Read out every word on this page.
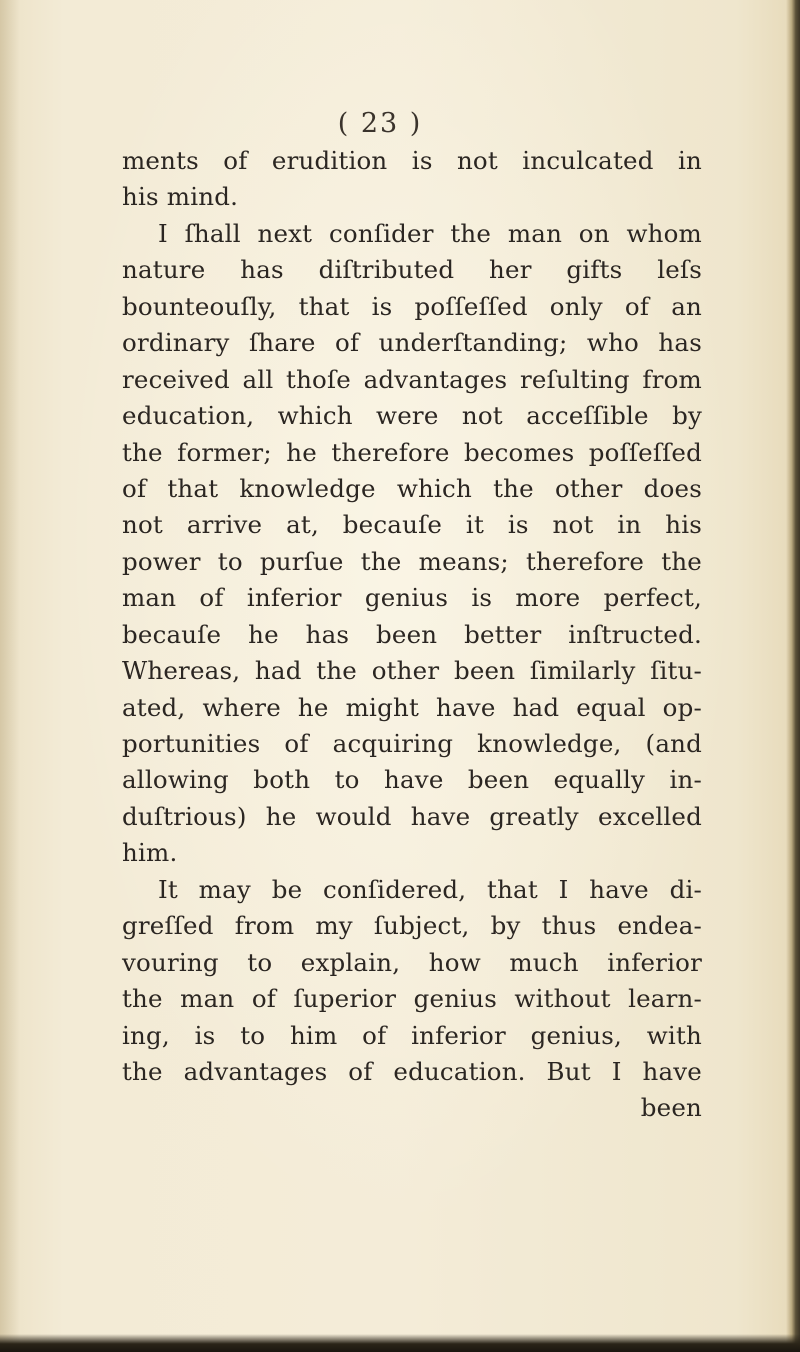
( 23 )
ments of erudition is not inculcated in
his mind.
I ſhall next conſider the man on whom
nature has diſtributed her gifts leſs
bounteouſly, that is poſſeſſed only of an
ordinary ſhare of underſtanding; who has
received all thoſe advantages reſulting from
education, which were not acceſſible by
the former; he therefore becomes poſſeſſed
of that knowledge which the other does
not arrive at, becauſe it is not in his
power to purſue the means; therefore the
man of inferior genius is more perfect,
becauſe he has been better inſtructed.
Whereas, had the other been ſimilarly ſitu-
ated, where he might have had equal op-
portunities of acquiring knowledge, (and
allowing both to have been equally in-
duſtrious) he would have greatly excelled
him.
It may be conſidered, that I have di-
greſſed from my ſubject, by thus endea-
vouring to explain, how much inferior
the man of ſuperior genius without learn-
ing, is to him of inferior genius, with
the advantages of education. But I have
been
